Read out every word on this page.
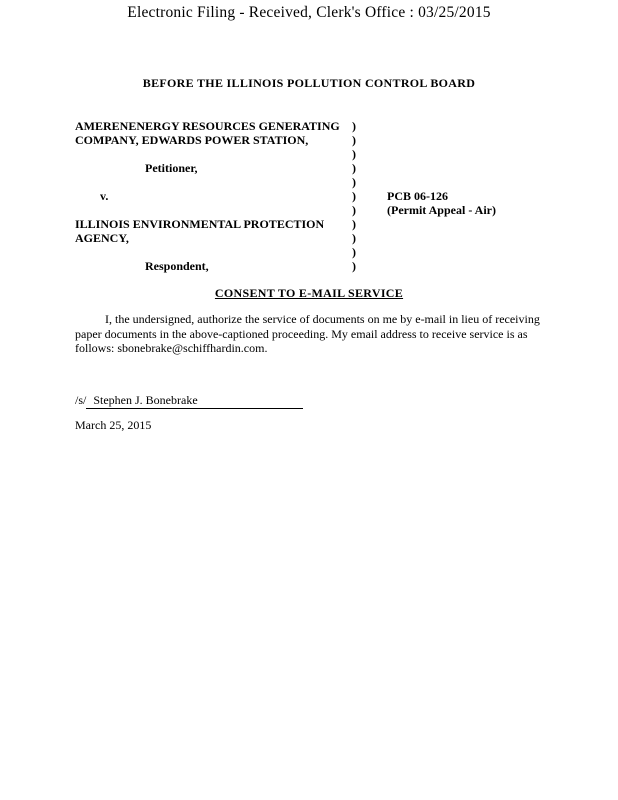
Electronic Filing - Received, Clerk's Office : 03/25/2015
BEFORE THE ILLINOIS POLLUTION CONTROL BOARD
AMERENENERGY RESOURCES GENERATING	)
COMPANY, EDWARDS POWER STATION,	)
)
Petitioner,	)
)
v.	)	PCB 06-126
)	(Permit Appeal - Air)
ILLINOIS ENVIRONMENTAL PROTECTION	)
AGENCY,	)
)
Respondent,	)
CONSENT TO E-MAIL SERVICE
I, the undersigned, authorize the service of documents on me by e-mail in lieu of receiving paper documents in the above-captioned proceeding. My email address to receive service is as follows: sbonebrake@schiffhardin.com.
/s/ Stephen J. Bonebrake
March 25, 2015
